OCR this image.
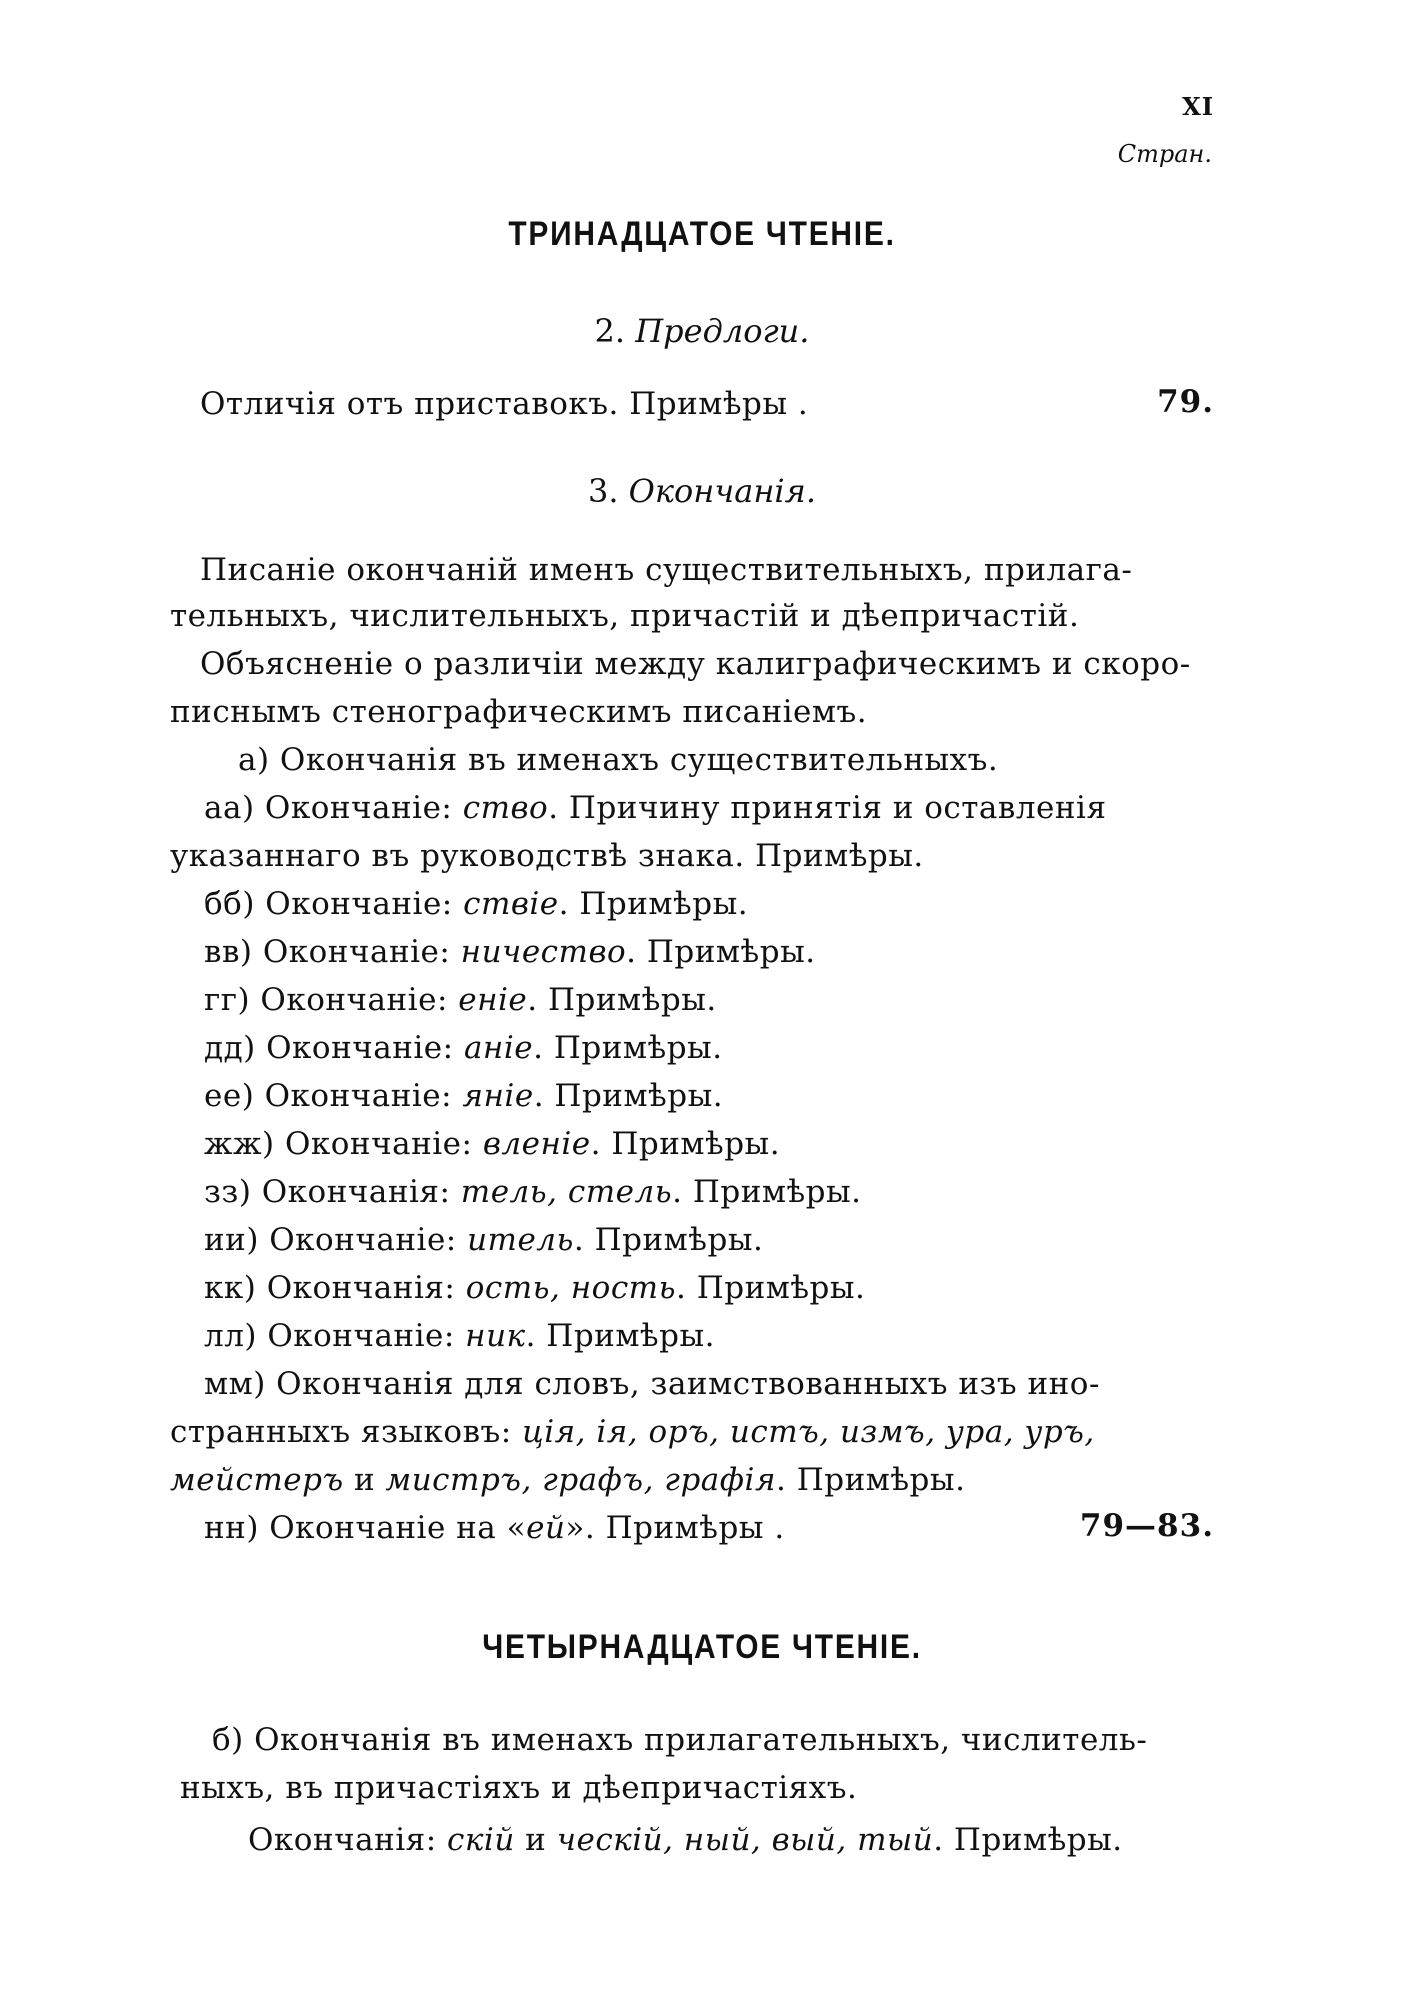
XI
Стран.
ТРИНАДЦАТОЕ ЧТЕНІЕ.
2. Предлоги.
Отличія отъ приставокъ. Примѣры .	79.
3. Окончанія.
Писаніе окончаній именъ существительныхъ, прилага-
тельныхъ, числительныхъ, причастій и дѣепричастій.
Объясненіе о различіи между калиграфическимъ и скоро-
писнымъ стенографическимъ писаніемъ.
а) Окончанія въ именахъ существительныхъ.
аа) Окончаніе: ство. Причину принятія и оставленія
указаннаго въ руководствѣ знака. Примѣры.
бб) Окончаніе: ствіе. Примѣры.
вв) Окончаніе: ничество. Примѣры.
гг) Окончаніе: еніе. Примѣры.
дд) Окончаніе: аніе. Примѣры.
ее) Окончаніе: яніе. Примѣры.
жж) Окончаніе: вленіе. Примѣры.
зз) Окончанія: тель, стель. Примѣры.
ии) Окончаніе: итель. Примѣры.
кк) Окончанія: ость, ность. Примѣры.
лл) Окончаніе: ник. Примѣры.
мм) Окончанія для словъ, заимствованныхъ изъ ино-
странныхъ языковъ: ція, ія, оръ, истъ, измъ, ура, уръ,
мейстеръ и мистръ, графъ, графія. Примѣры.
нн) Окончаніе на «ей». Примѣры .	79—83.
ЧЕТЫРНАДЦАТОЕ ЧТЕНІЕ.
б) Окончанія въ именахъ прилагательныхъ, числитель-
ныхъ, въ причастіяхъ и дѣепричастіяхъ.
Окончанія: скій и ческій, ный, вый, тый. Примѣры.
